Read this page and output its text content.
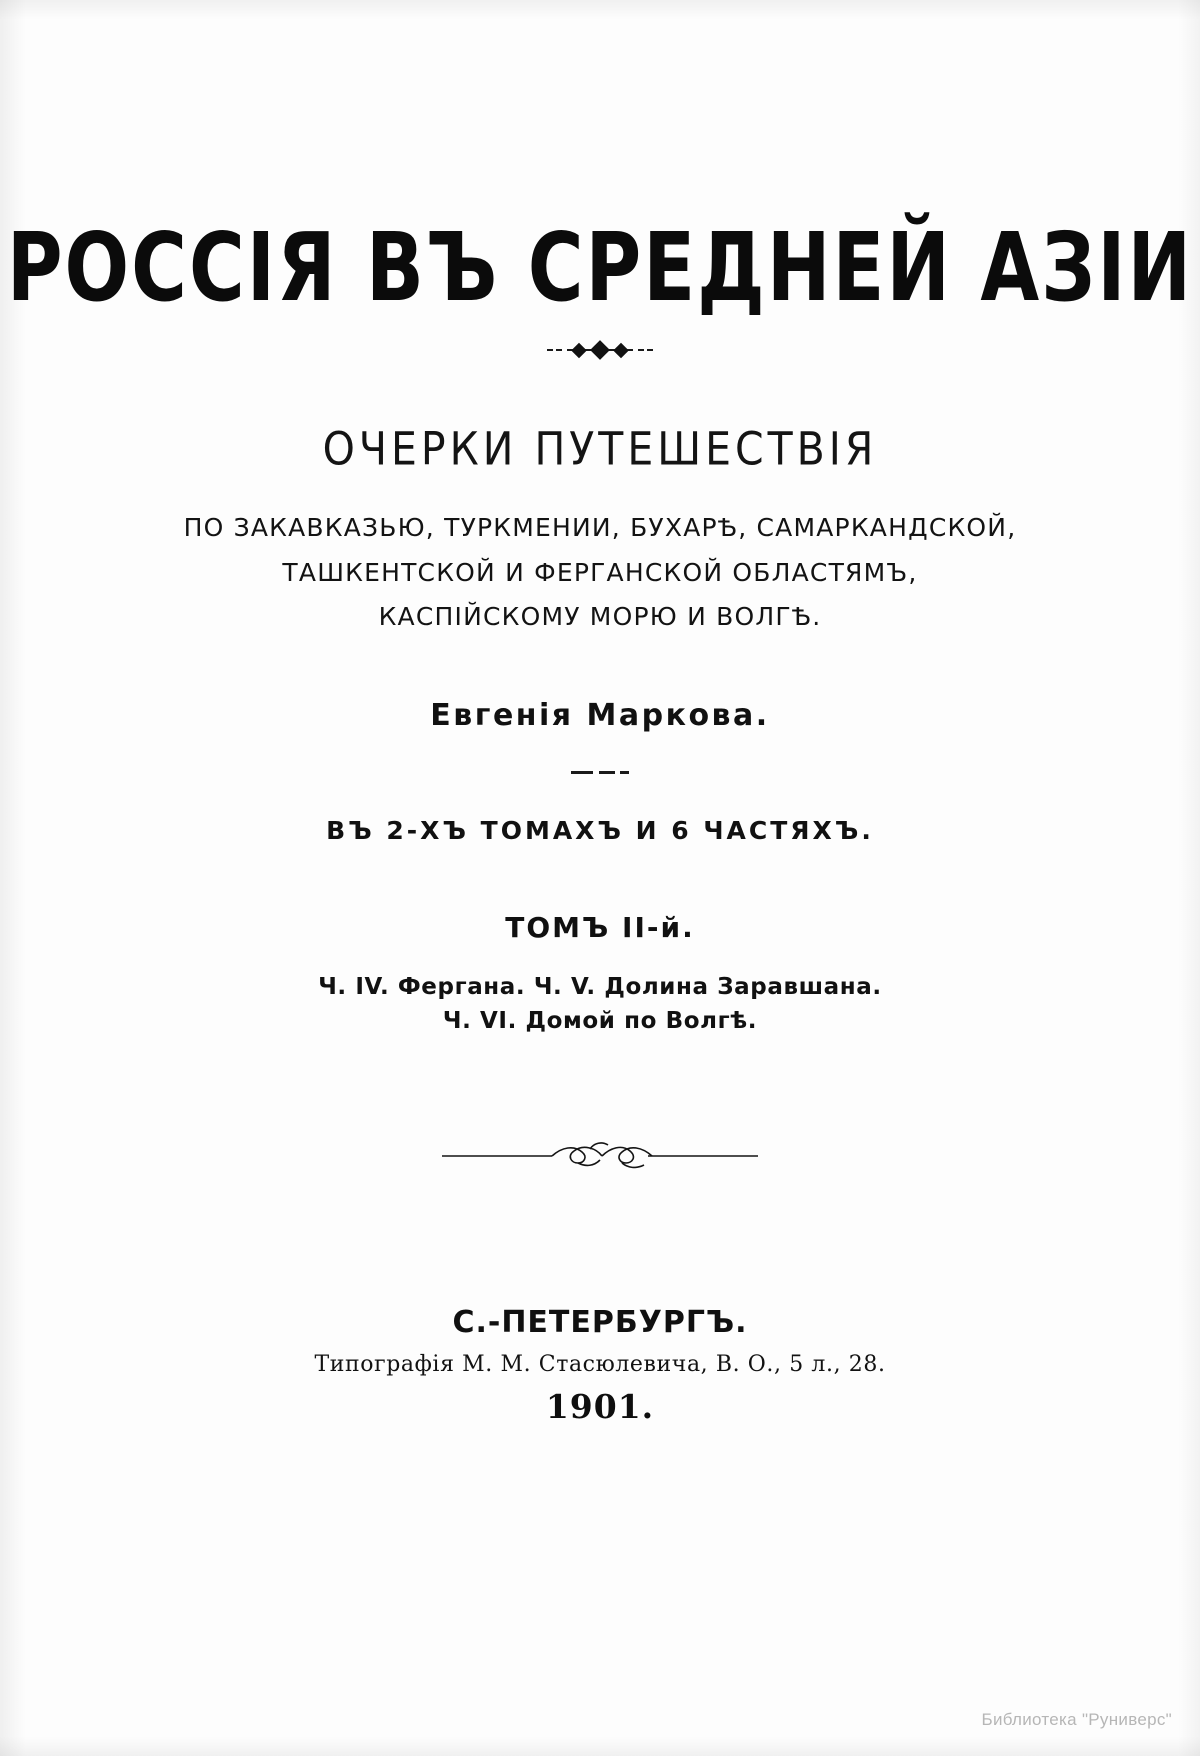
РОССІЯ ВЪ СРЕДНЕЙ АЗІИ
ОЧЕРКИ ПУТЕШЕСТВІЯ
ПО ЗАКАВКАЗЬЮ, ТУРКМЕНИИ, БУХАРѢ, САМАРКАНДСКОЙ,
ТАШКЕНТСКОЙ И ФЕРГАНСКОЙ ОБЛАСТЯМЪ,
КАСПІЙСКОМУ МОРЮ И ВОЛГѢ.
Евгенія Маркова.
ВЪ 2-ХЪ ТОМАХЪ И 6 ЧАСТЯХЪ.
ТОМЪ II-й.
Ч. IV. Фергана. Ч. V. Долина Заравшана.
Ч. VI. Домой по Волгѣ.
С.-ПЕТЕРБУРГЪ.
Типографія М. М. Стасюлевича, В. О., 5 л., 28.
1901.
Библиотека "Руниверс"
